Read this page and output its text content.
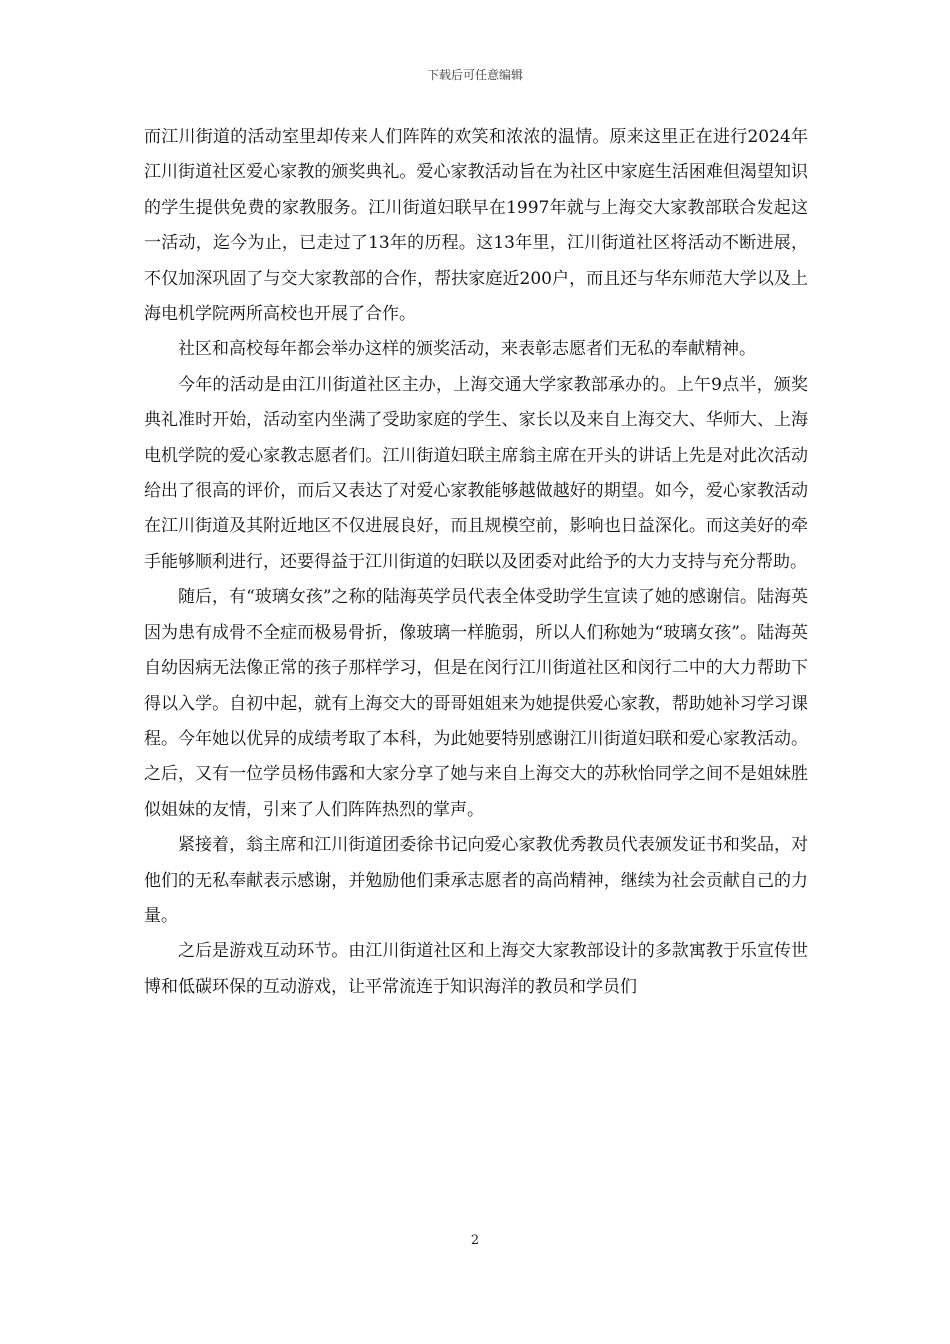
下载后可任意编辑

而江川街道的活动室里却传来人们阵阵的欢笑和浓浓的温情。原来这里正在进行2024年江川街道社区爱心家教的颁奖典礼。爱心家教活动旨在为社区中家庭生活困难但渴望知识的学生提供免费的家教服务。江川街道妇联早在1997年就与上海交大家教部联合发起这一活动，迄今为止，已走过了13年的历程。这13年里，江川街道社区将活动不断进展，不仅加深巩固了与交大家教部的合作，帮扶家庭近200户，而且还与华东师范大学以及上海电机学院两所高校也开展了合作。

社区和高校每年都会举办这样的颁奖活动，来表彰志愿者们无私的奉献精神。

今年的活动是由江川街道社区主办，上海交通大学家教部承办的。上午9点半，颁奖典礼准时开始，活动室内坐满了受助家庭的学生、家长以及来自上海交大、华师大、上海电机学院的爱心家教志愿者们。江川街道妇联主席翁主席在开头的讲话上先是对此次活动给出了很高的评价，而后又表达了对爱心家教能够越做越好的期望。如今，爱心家教活动在江川街道及其附近地区不仅进展良好，而且规模空前，影响也日益深化。而这美好的牵手能够顺利进行，还要得益于江川街道的妇联以及团委对此给予的大力支持与充分帮助。

随后，有“玻璃女孩”之称的陆海英学员代表全体受助学生宣读了她的感谢信。陆海英因为患有成骨不全症而极易骨折，像玻璃一样脆弱，所以人们称她为“玻璃女孩”。陆海英自幼因病无法像正常的孩子那样学习，但是在闵行江川街道社区和闵行二中的大力帮助下得以入学。自初中起，就有上海交大的哥哥姐姐来为她提供爱心家教，帮助她补习学习课程。今年她以优异的成绩考取了本科，为此她要特别感谢江川街道妇联和爱心家教活动。之后，又有一位学员杨伟露和大家分享了她与来自上海交大的苏秋怡同学之间不是姐妹胜似姐妹的友情，引来了人们阵阵热烈的掌声。

紧接着，翁主席和江川街道团委徐书记向爱心家教优秀教员代表颁发证书和奖品，对他们的无私奉献表示感谢，并勉励他们秉承志愿者的高尚精神，继续为社会贡献自己的力量。

之后是游戏互动环节。由江川街道社区和上海交大家教部设计的多款寓教于乐宣传世博和低碳环保的互动游戏，让平常流连于知识海洋的教员和学员们

2
